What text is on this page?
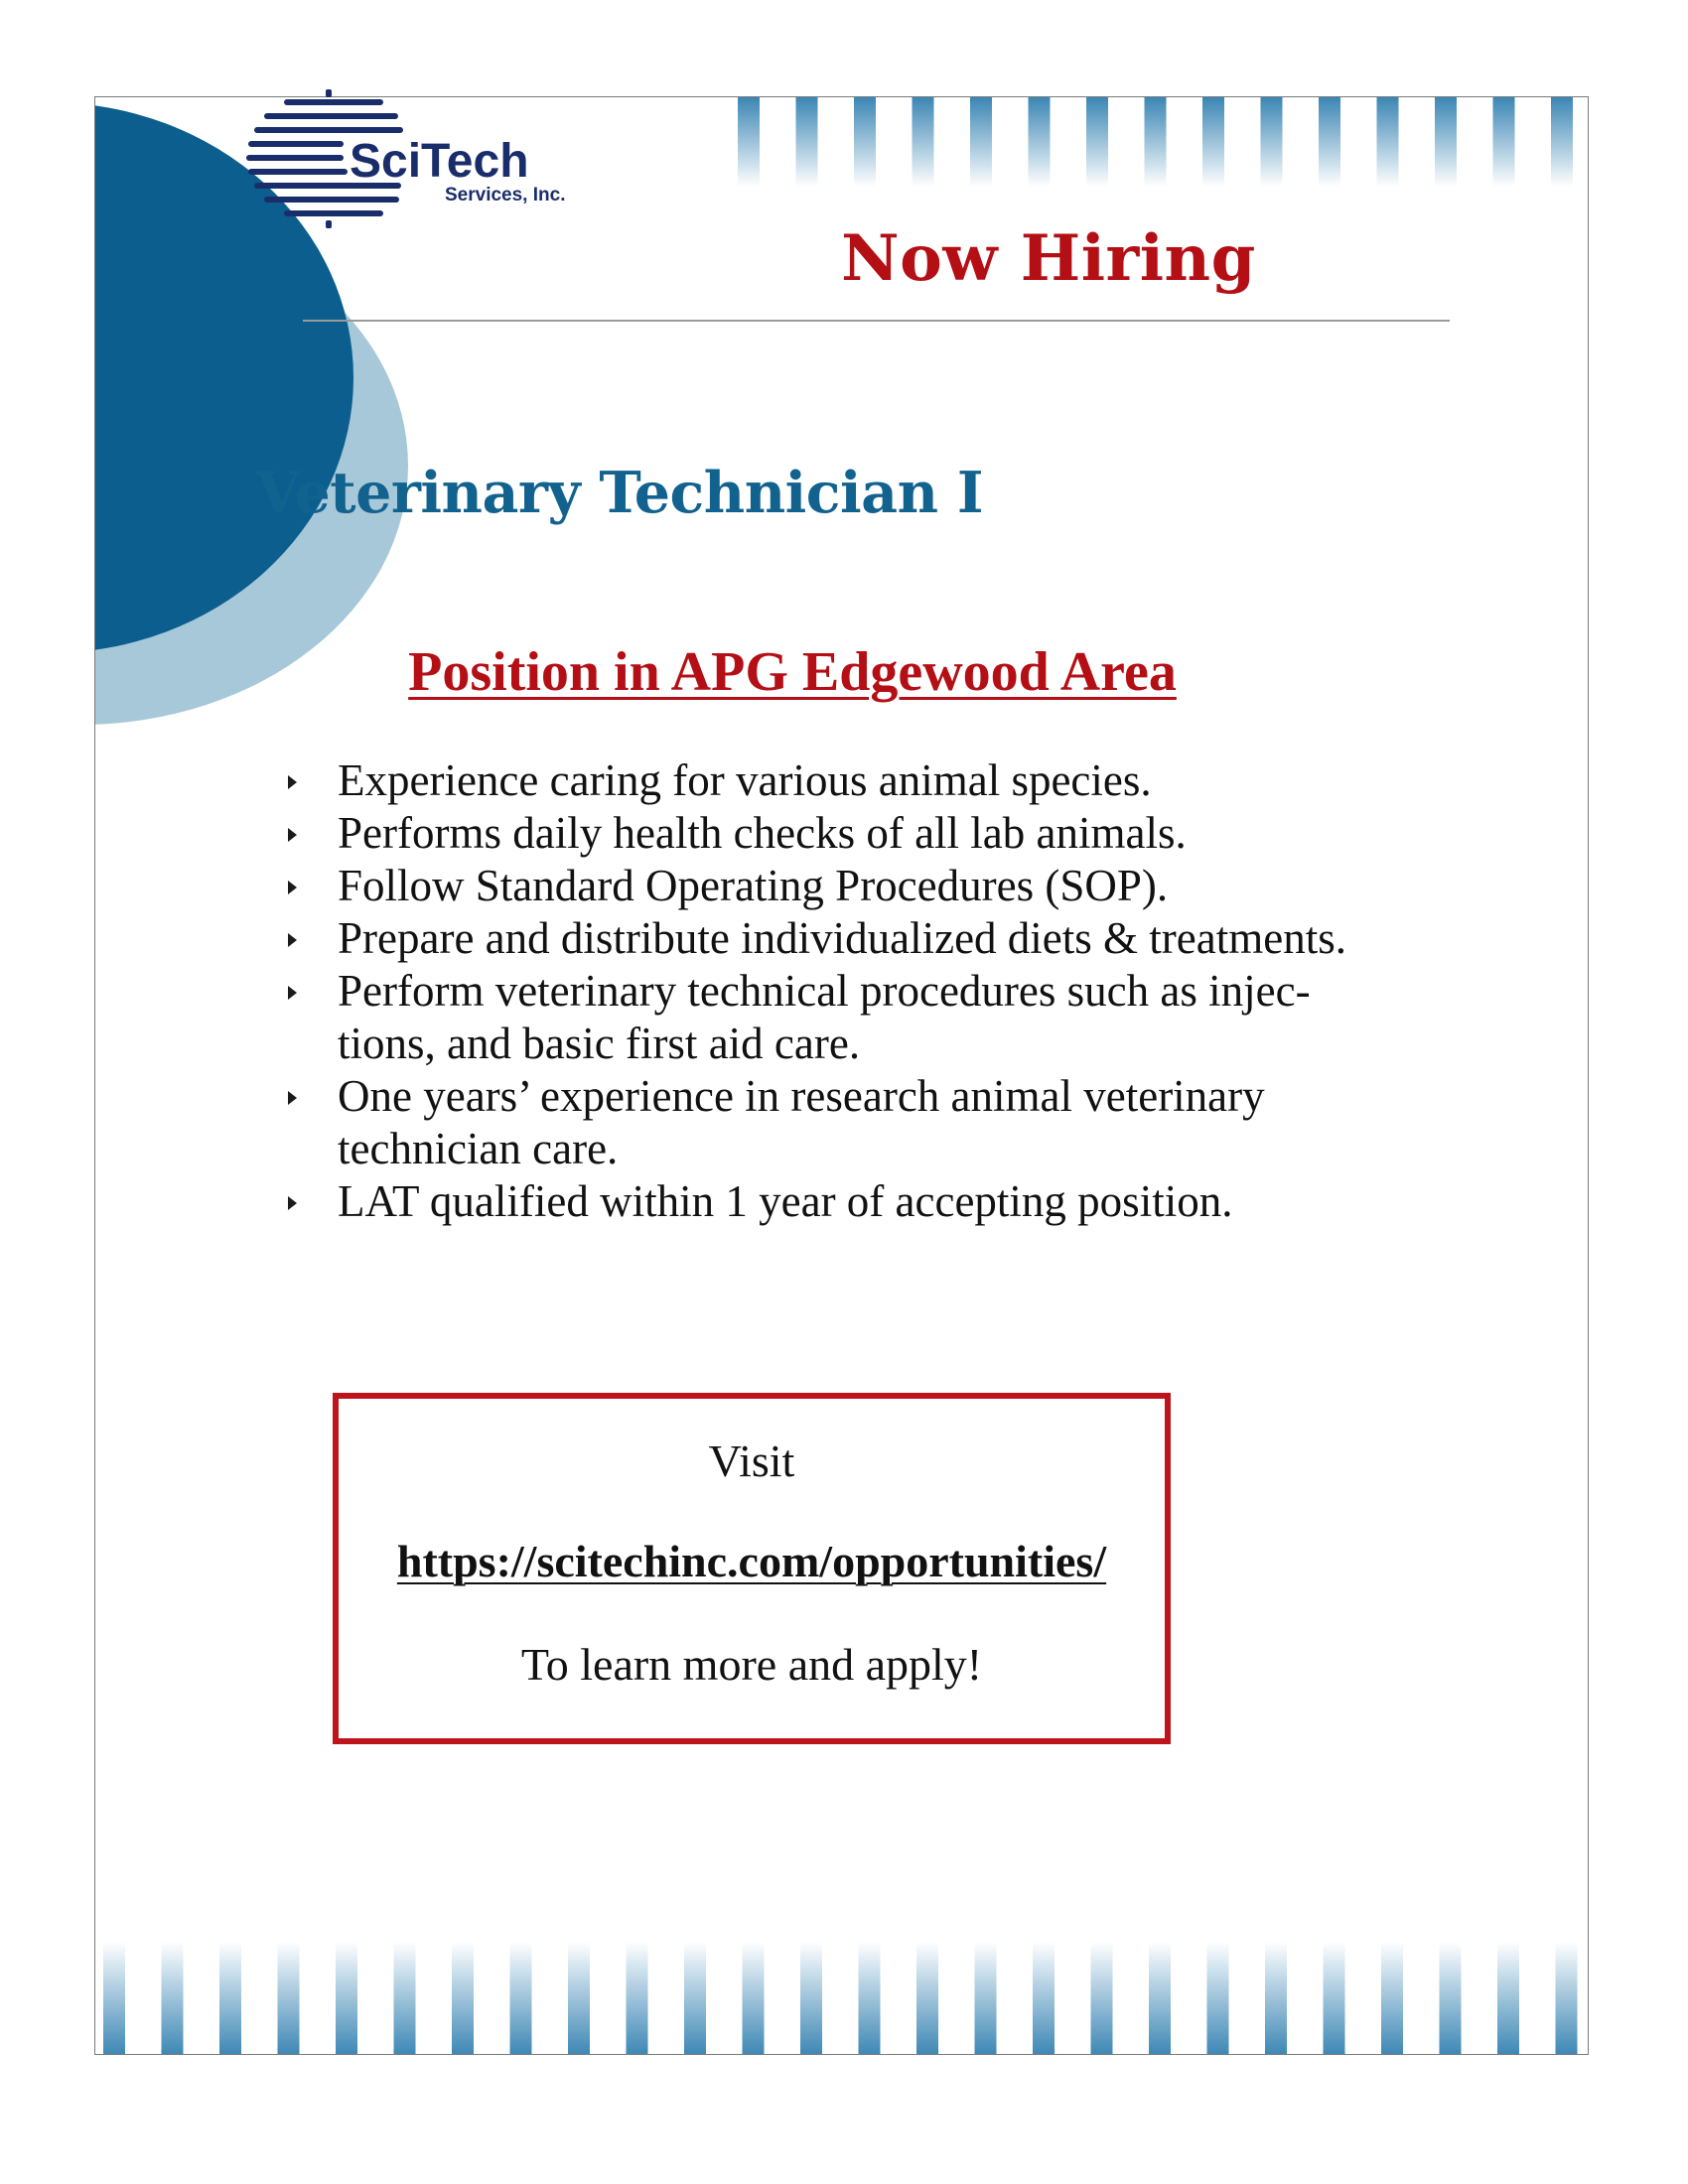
SciTech
Services, Inc.
Now Hiring
Veterinary Technician I
Position in APG Edgewood Area
Experience caring for various animal species.
Performs daily health checks of all lab animals.
Follow Standard Operating Procedures (SOP).
Prepare and distribute individualized diets & treatments.
Perform veterinary technical procedures such as injec-
tions, and basic first aid care.
One years’ experience in research animal veterinary
technician care.
LAT qualified within 1 year of accepting position.

Visit

https://scitechinc.com/opportunities/

To learn more and apply!
